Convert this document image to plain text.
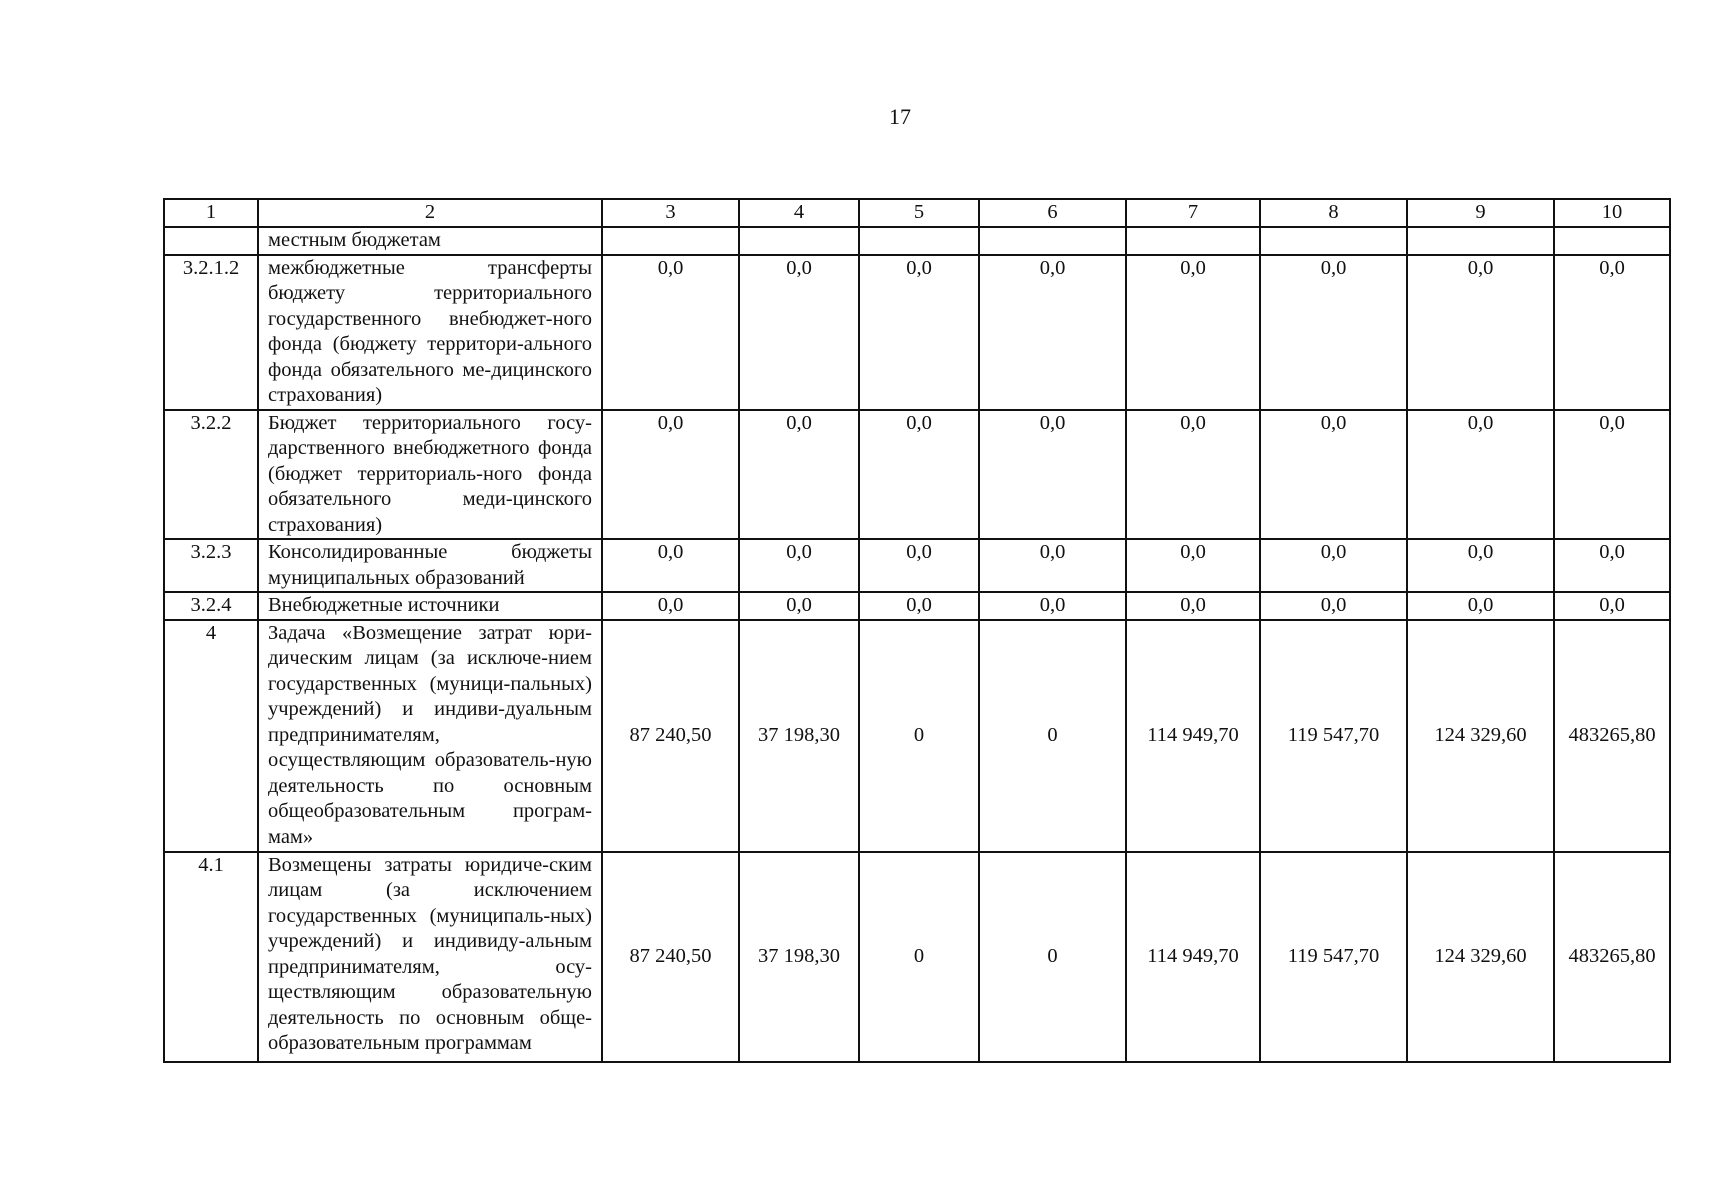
17
1	2	3	4	5	6	7	8	9	10
	местным бюджетам								
3.2.1.2	межбюджетные трансферты бюджету территориального государственного внебюджет-ного фонда (бюджету территори-ального фонда обязательного ме-дицинского страхования)	0,0	0,0	0,0	0,0	0,0	0,0	0,0	0,0
3.2.2	Бюджет территориального госу-дарственного внебюджетного фонда (бюджет территориаль-ного фонда обязательного меди-цинского страхования)	0,0	0,0	0,0	0,0	0,0	0,0	0,0	0,0
3.2.3	Консолидированные бюджеты муниципальных образований	0,0	0,0	0,0	0,0	0,0	0,0	0,0	0,0
3.2.4	Внебюджетные источники	0,0	0,0	0,0	0,0	0,0	0,0	0,0	0,0
4	Задача «Возмещение затрат юри-дическим лицам (за исключе-нием государственных (муници-пальных) учреждений) и индиви-дуальным предпринимателям, осуществляющим образователь-ную деятельность по основным общеобразовательным програм-мам»	87 240,50	37 198,30	0	0	114 949,70	119 547,70	124 329,60	483265,80
4.1	Возмещены затраты юридиче-ским лицам (за исключением государственных (муниципаль-ных) учреждений) и индивиду-альным предпринимателям, осу-ществляющим образовательную деятельность по основным обще-образовательным программам	87 240,50	37 198,30	0	0	114 949,70	119 547,70	124 329,60	483265,80
